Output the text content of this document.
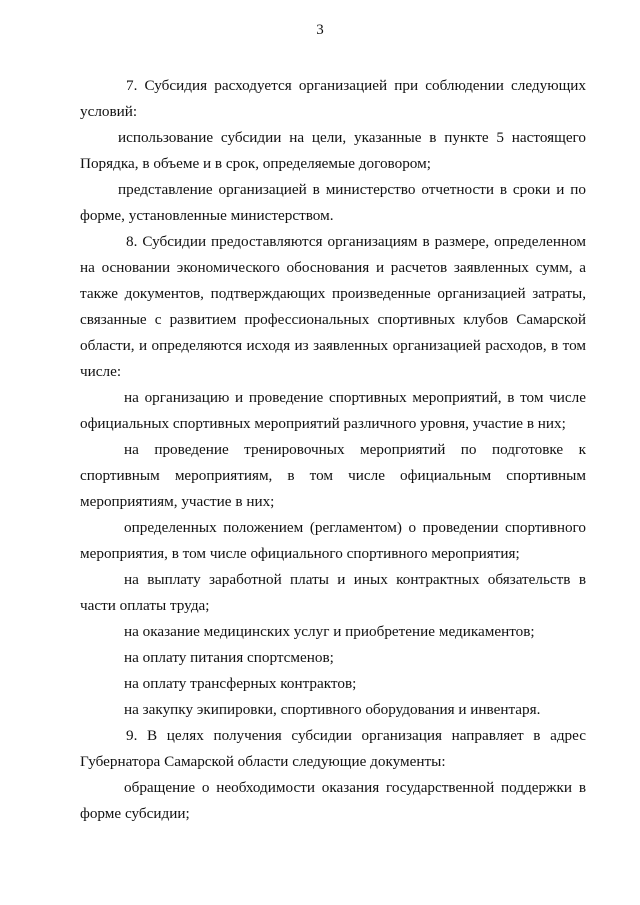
3

7. Субсидия расходуется организацией при соблюдении следующих условий:

использование субсидии на цели, указанные в пункте 5 настоящего Порядка, в объеме и в срок, определяемые договором;

представление организацией в министерство отчетности в сроки и по форме, установленные министерством.

8. Субсидии предоставляются организациям в размере, определенном на основании экономического обоснования и расчетов заявленных сумм, а также документов, подтверждающих произведенные организацией затраты, связанные с развитием профессиональных спортивных клубов Самарской области, и определяются исходя из заявленных организацией расходов, в том числе:

на организацию и проведение спортивных мероприятий, в том числе официальных спортивных мероприятий различного уровня, участие в них;

на проведение тренировочных мероприятий по подготовке к спортивным мероприятиям, в том числе официальным спортивным мероприятиям, участие в них;

определенных положением (регламентом) о проведении спортивного мероприятия, в том числе официального спортивного мероприятия;

на выплату заработной платы и иных контрактных обязательств в части оплаты труда;

на оказание медицинских услуг и приобретение медикаментов;

на оплату питания спортсменов;

на оплату трансферных контрактов;

на закупку экипировки, спортивного оборудования и инвентаря.

9. В целях получения субсидии организация направляет в адрес Губернатора Самарской области следующие документы:

обращение о необходимости оказания государственной поддержки в форме субсидии;
